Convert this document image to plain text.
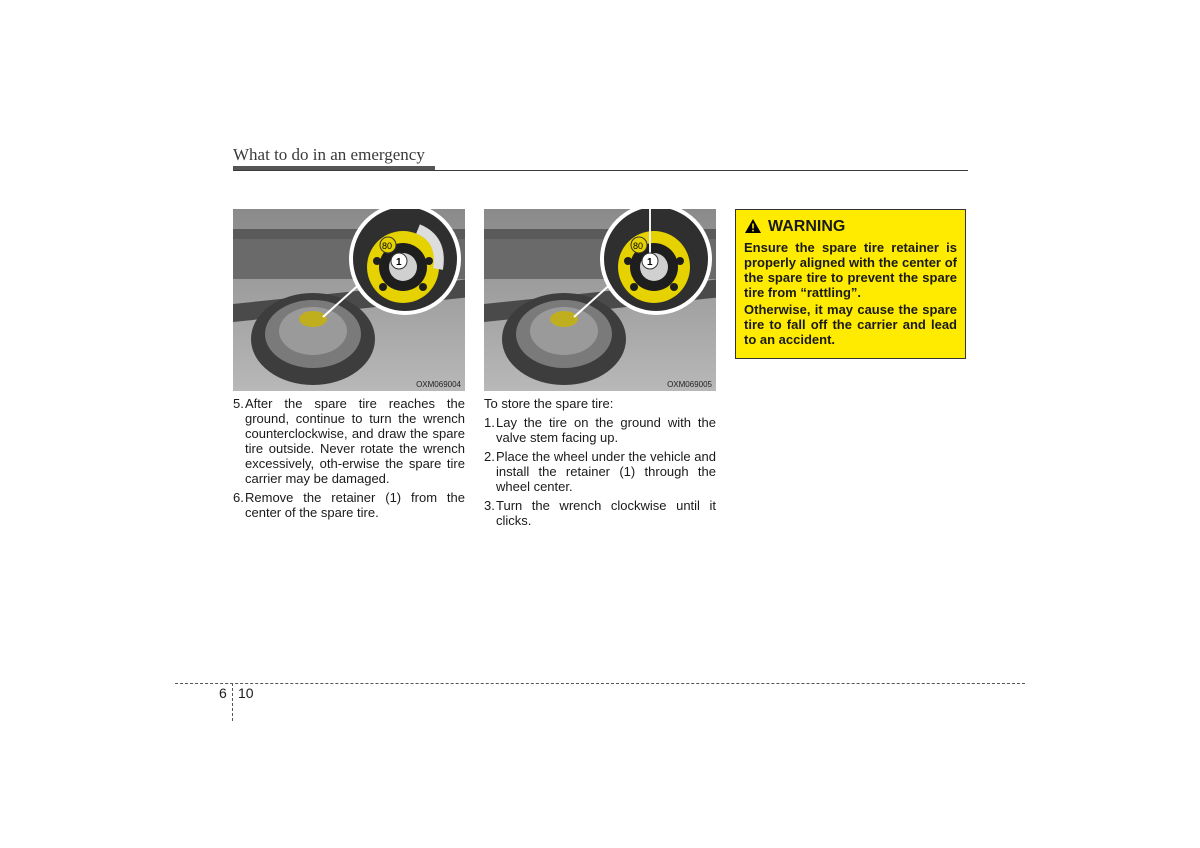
What to do in an emergency
80
1
OXM069004
80
1
OXM069005
5. After the spare tire reaches the ground, continue to turn the wrench counterclockwise, and draw the spare tire outside. Never rotate the wrench excessively, oth-erwise the spare tire carrier may be damaged.
6. Remove the retainer (1) from the center of the spare tire.

To store the spare tire:

1. Lay the tire on the ground with the valve stem facing up.
2. Place the wheel under the vehicle and install the retainer (1) through the wheel center.
3. Turn the wrench clockwise until it clicks.
WARNING

Ensure the spare tire retainer is properly aligned with the center of the spare tire to prevent the spare tire from “rattling”.

Otherwise, it may cause the spare tire to fall off the carrier and lead to an accident.

6 10
